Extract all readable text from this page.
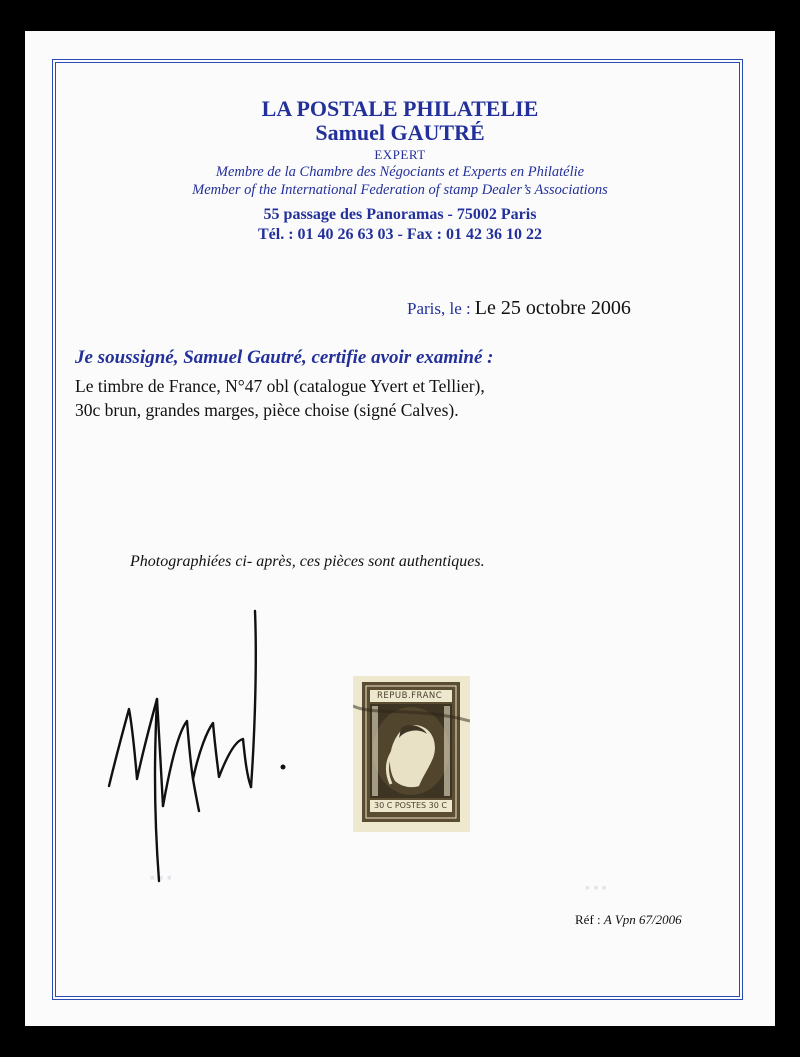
LA POSTALE PHILATELIE
Samuel GAUTRÉ
EXPERT
Membre de la Chambre des Négociants et Experts en Philatélie
Member of the International Federation of stamp Dealer’s Associations
55 passage des Panoramas - 75002 Paris
Tél. : 01 40 26 63 03 - Fax : 01 42 36 10 22
Paris, le : Le 25 octobre 2006
Je soussigné, Samuel Gautré, certifie avoir examiné :
Le timbre de France, N°47 obl (catalogue Yvert et Tellier),
30c brun, grandes marges, pièce choise (signé Calves).
Photographiées ci- après, ces pièces sont authentiques.
▪ ▪ ▪
▪ ▪ ▪
REPUB.FRANC
30 C POSTES 30 C
Réf : A Vpn 67/2006
